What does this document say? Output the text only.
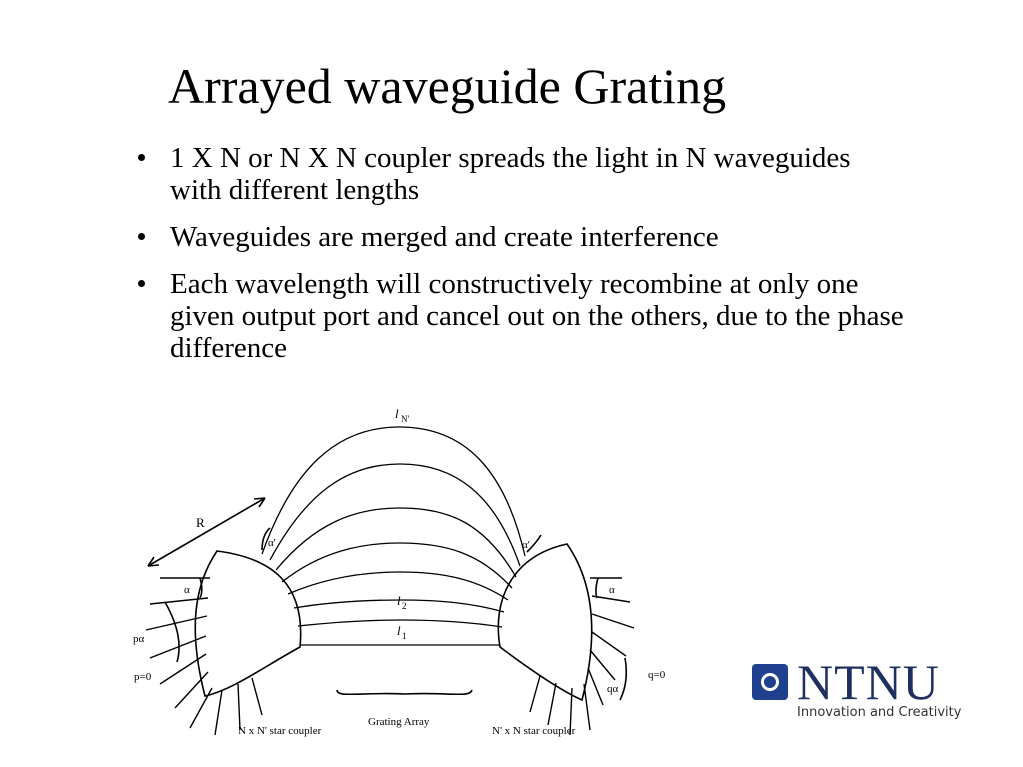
Arrayed waveguide Grating
1 X N or N X N coupler spreads the light in N waveguides with different lengths
Waveguides are merged and create interference
Each wavelength will constructively recombine at only one given output port and cancel out on the others, due to the phase difference
l N'
l 2
l 1
R
α'	α'
α	α
pα
p=0
qα
q=0
N x N' star coupler
Grating Array
N' x N star coupler
NTNU
Innovation and Creativity
